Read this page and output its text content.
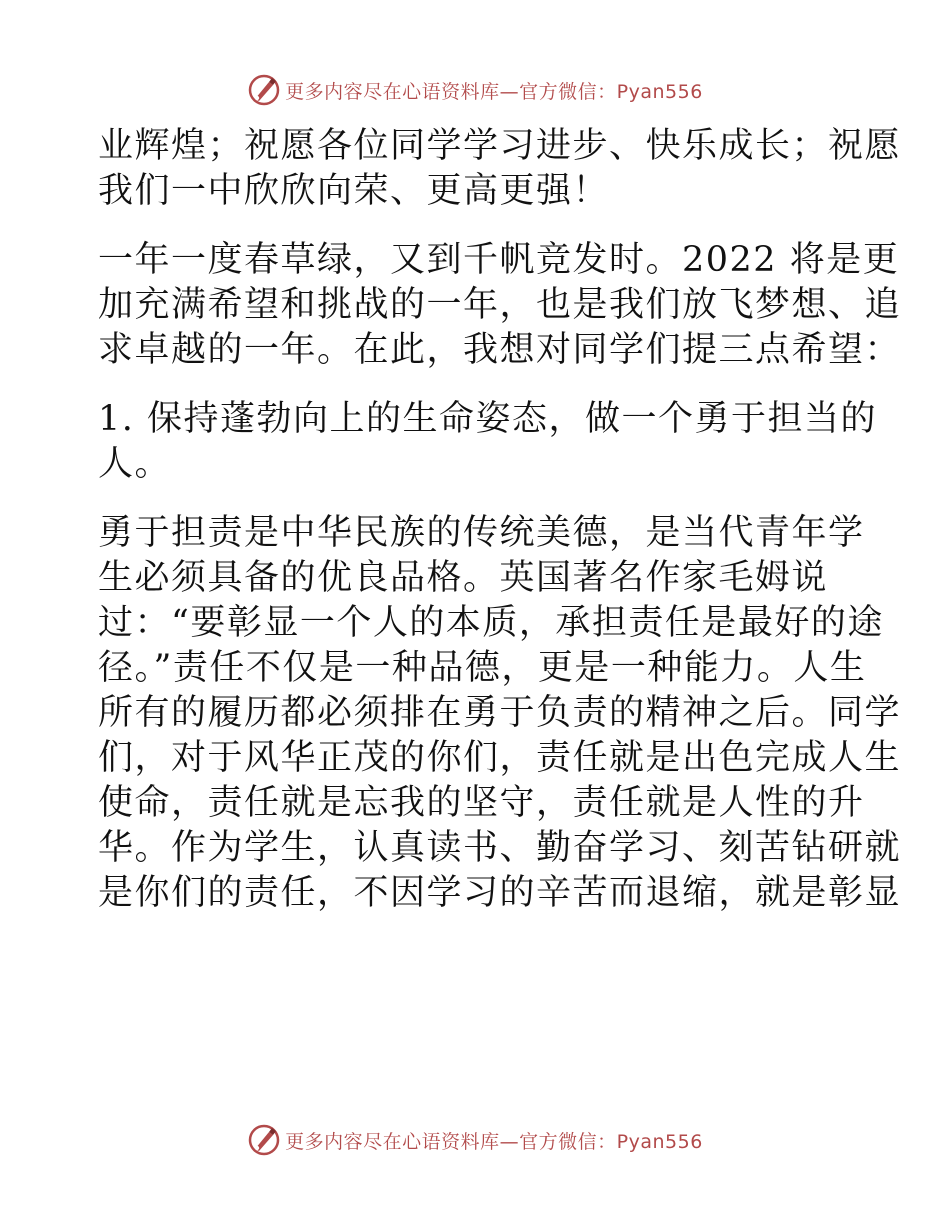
更多内容尽在心语资料库—官方微信：Pyan556
业辉煌；祝愿各位同学学习进步、快乐成长；祝愿
我们一中欣欣向荣、更高更强！
一年一度春草绿，又到千帆竞发时。2022 将是更
加充满希望和挑战的一年，也是我们放飞梦想、追
求卓越的一年。在此，我想对同学们提三点希望：
1. 保持蓬勃向上的生命姿态，做一个勇于担当的
人。
勇于担责是中华民族的传统美德，是当代青年学
生必须具备的优良品格。英国著名作家毛姆说
过：“要彰显一个人的本质，承担责任是最好的途
径。”责任不仅是一种品德，更是一种能力。人生
所有的履历都必须排在勇于负责的精神之后。同学
们，对于风华正茂的你们，责任就是出色完成人生
使命，责任就是忘我的坚守，责任就是人性的升
华。作为学生，认真读书、勤奋学习、刻苦钻研就
是你们的责任，不因学习的辛苦而退缩，就是彰显
更多内容尽在心语资料库—官方微信：Pyan556
